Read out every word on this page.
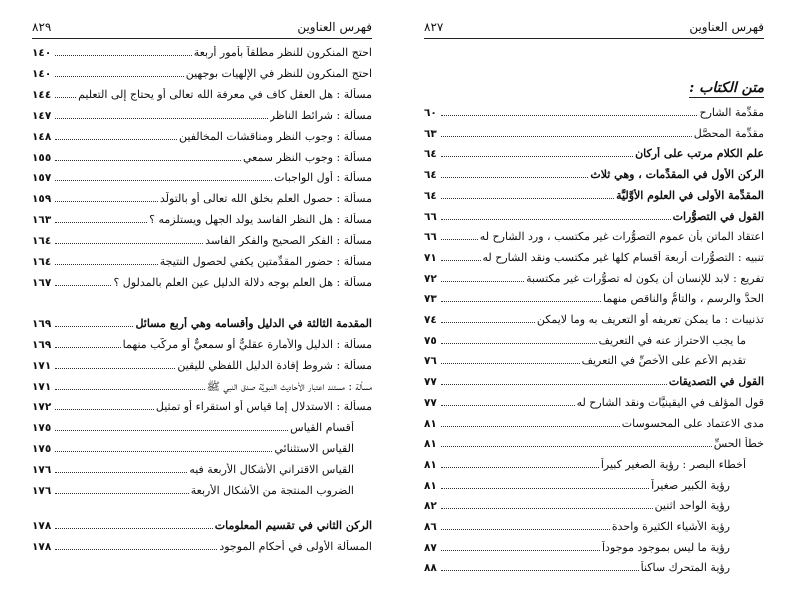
فهرس العناوين
٨٢٩
١٤٠	احتج المنكرون للنظر مطلقاً بأمور أربعة
١٤٠	احتج المنكرون للنظر في الإلهيات بوجهين
١٤٤ مسألة : هل العقل كاف في معرفة الله تعالى أو يحتاج إلى التعليم
١٤٧	مسألة : شرائط الناظر
١٤٨	مسألة : وجوب النظر ومناقشات المخالفين
١٥٥	مسألة : وجوب النظر سمعي
١٥٧	مسألة : أول الواجبات
١٥٩	مسألة : حصول العلم بخلق الله تعالى أو بالتولُّد
١٦٣	مسألة : هل النظر الفاسد يولد الجهل ويستلزمه ؟
١٦٤	مسألة : الفكر الصحيح والفكر الفاسد
١٦٤	مسألة : حضور المقدِّمتين يكفي لحصول النتيجة
١٦٧	مسألة : هل العلم بوجه دلالة الدليل عين العلم بالمدلول ؟
١٦٩	المقدمة الثالثة في الدليل وأقسامه وهي أربع مسائل
١٦٩	مسألة : الدليل والأمارة عقليٌّ أو سمعيٌّ أو مركّب منهما
١٧١	مسألة : شروط إفادة الدليل اللفظي لليقين
١٧١	مسألة : مستند اعتبار الأحاديث النبويَّة صدق النبي ﷺ
١٧٢	مسألة : الاستدلال إما قياس أو استقراء أو تمثيل
١٧٥	أقسام القياس
١٧٥	القياس الاستثنائي
١٧٦	القياس الاقتراني الأشكال الأربعة فيه
١٧٦	الضروب المنتجة من الأشكال الأربعة
١٧٨	الركن الثاني في تقسيم المعلومات
١٧٨	المسألة الأولى في أحكام الموجود
فهرس العناوين
٨٢٧
متن الكتاب :
٦٠	مقدِّمة الشارح
٦٣	مقدِّمة المحصَّل
٦٤	علم الكلام مرتب على أركان
٦٤	الركن الأول في المقدِّمات ، وهي ثلاث
٦٤	المقدِّمة الأولى في العلوم الأوَّليَّة
٦٦	القول في التصوُّرات
٦٦	اعتقاد الماتن بأن عموم التصوُّرات غير مكتسب ، ورد الشارح له
٧١	تنبيه : التصوُّرات أربعة أقسام كلها غير مكتسب ونقد الشارح له
٧٢	تفريع : لابد للإنسان أن يكون له تصوُّرات غير مكتسبة
٧٣	الحدُّ والرسم ، والتامُّ والناقص منهما
٧٤	تذنيبات : ما يمكن تعريفه أو التعريف به وما لايمكن
٧٥	ما يجب الاحتراز عنه في التعريف
٧٦	تقديم الأعم على الأخصِّ في التعريف
٧٧	القول في التصديقات
٧٧	قول المؤلف في اليقينيَّات ونقد الشارح له
٨١	مدى الاعتماد على المحسوسات
٨١	خطأ الحسِّ
٨١	أخطاء البصر : رؤية الصغير كبيراً
٨١	رؤية الكبير صغيراً
٨٢	رؤية الواحد اثنين
٨٦	رؤية الأشياء الكثيرة واحدة
٨٧	رؤية ما ليس بموجود موجوداً
٨٨	رؤية المتحرك ساكناً
